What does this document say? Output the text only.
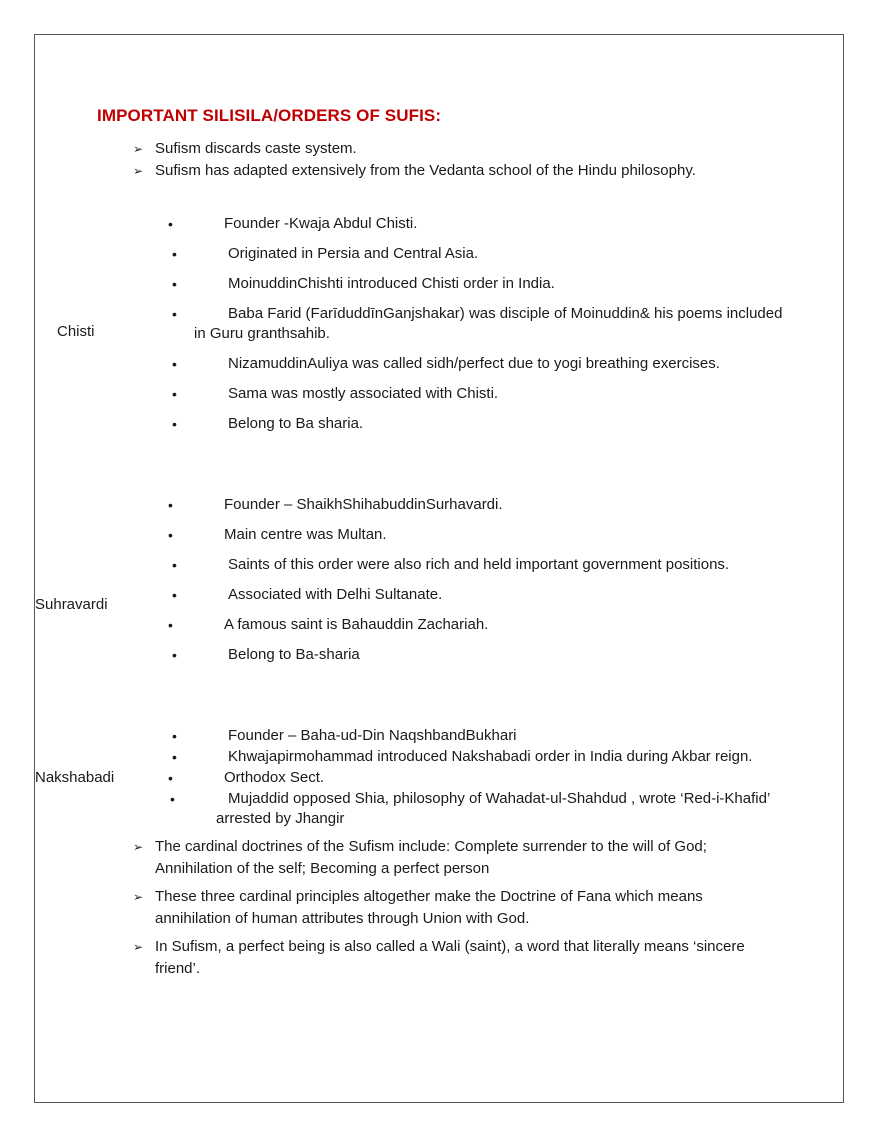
IMPORTANT SILISILA/ORDERS OF SUFIS:
➢ Sufism discards caste system.
➢ Sufism has adapted extensively from the Vedanta school of the Hindu philosophy.
Chisti
•	Founder -Kwaja Abdul Chisti.
•	Originated in Persia and Central Asia.
•	MoinuddinChishti introduced Chisti order in India.
•	Baba Farid (FarīduddīnGanjshakar) was disciple of Moinuddin& his poems included
in Guru granthsahib.
•	NizamuddinAuliya was called sidh/perfect due to yogi breathing exercises.
•	Sama was mostly associated with Chisti.
•	Belong to Ba sharia.
Suhravardi
•	Founder – ShaikhShihabuddinSurhavardi.
•	Main centre was Multan.
•	Saints of this order were also rich and held important government positions.
•	Associated with Delhi Sultanate.
•	A famous saint is Bahauddin Zachariah.
•	Belong to Ba-sharia
Nakshabadi
•	Founder – Baha-ud-Din NaqshbandBukhari
•	Khwajapirmohammad introduced Nakshabadi order in India during Akbar reign.
•	Orthodox Sect.
•	Mujaddid opposed Shia, philosophy of Wahadat-ul-Shahdud , wrote ‘Red-i-Khafid’
arrested by Jhangir
➢ The cardinal doctrines of the Sufism include: Complete surrender to the will of God; Annihilation of the self; Becoming a perfect person
➢ These three cardinal principles altogether make the Doctrine of Fana which means annihilation of human attributes through Union with God.
➢ In Sufism, a perfect being is also called a Wali (saint), a word that literally means ‘sincere friend’.
